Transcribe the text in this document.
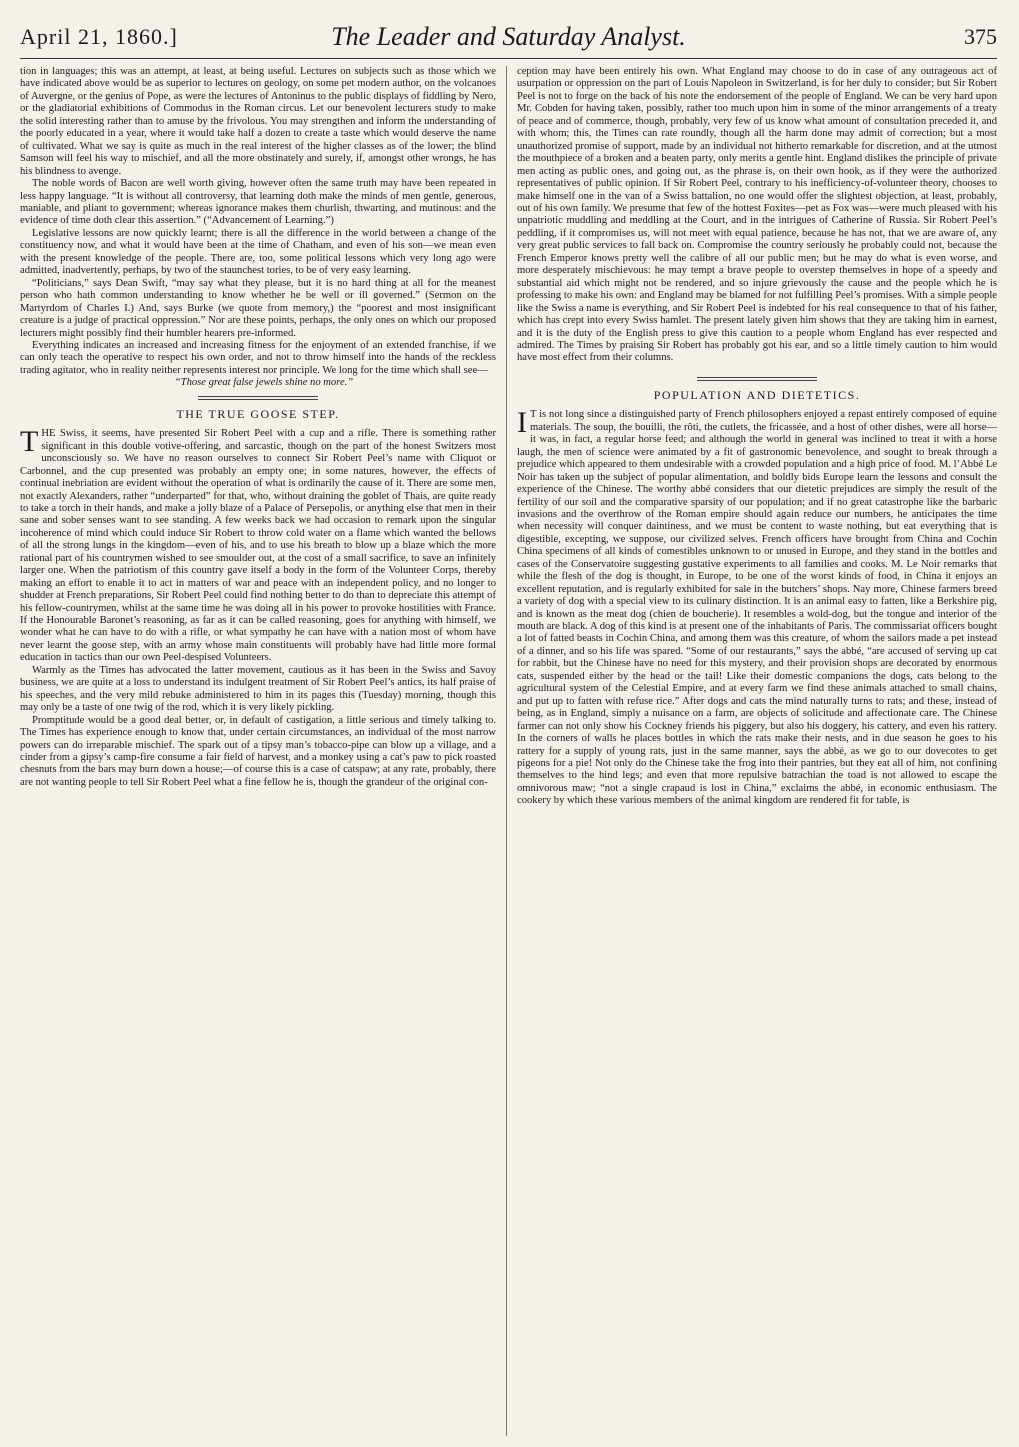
April 21, 1860.]	The Leader and Saturday Analyst.	375

tion in languages; this was an attempt, at least, at being useful. Lectures on subjects such as those which we have indicated above would be as superior to lectures on geology, on some pet modern author, on the volcanoes of Auvergne, or the genius of Pope, as were the lectures of Antoninus to the public displays of fiddling by Nero, or the gladiatorial exhibitions of Commodus in the Roman circus. Let our benevolent lecturers study to make the solid interesting rather than to amuse by the frivolous. You may strengthen and inform the understanding of the poorly educated in a year, where it would take half a dozen to create a taste which would deserve the name of cultivated. What we say is quite as much in the real interest of the higher classes as of the lower; the blind Samson will feel his way to mischief, and all the more obstinately and surely, if, amongst other wrongs, he has his blindness to avenge.

The noble words of Bacon are well worth giving, however often the same truth may have been repeated in less happy language. “It is without all controversy, that learning doth make the minds of men gentle, generous, maniable, and pliant to government; whereas ignorance makes them churlish, thwarting, and mutinous: and the evidence of time doth clear this assertion.” (“Advancement of Learning.”)

Legislative lessons are now quickly learnt; there is all the difference in the world between a change of the constituency now, and what it would have been at the time of Chatham, and even of his son—we mean even with the present knowledge of the people. There are, too, some political lessons which very long ago were admitted, inadvertently, perhaps, by two of the staunchest tories, to be of very easy learning.

“Politicians,” says Dean Swift, “may say what they please, but it is no hard thing at all for the meanest person who hath common understanding to know whether he be well or ill governed.” (Sermon on the Martyrdom of Charles I.) And, says Burke (we quote from memory,) the “poorest and most insignificant creature is a judge of practical oppression.” Nor are these points, perhaps, the only ones on which our proposed lecturers might possibly find their humbler hearers pre-informed.

Everything indicates an increased and increasing fitness for the enjoyment of an extended franchise, if we can only teach the operative to respect his own order, and not to throw himself into the hands of the reckless trading agitator, who in reality neither represents interest nor principle. We long for the time which shall see—

“Those great false jewels shine no more.”

THE TRUE GOOSE STEP.

THE Swiss, it seems, have presented Sir Robert Peel with a cup and a rifle. There is something rather significant in this double votive-offering, and sarcastic, though on the part of the honest Switzers most unconsciously so. We have no reason ourselves to connect Sir Robert Peel’s name with Cliquot or Carbonnel, and the cup presented was probably an empty one; in some natures, however, the effects of continual inebriation are evident without the operation of what is ordinarily the cause of it. There are some men, not exactly Alexanders, rather “underparted” for that, who, without draining the goblet of Thais, are quite ready to take a torch in their hands, and make a jolly blaze of a Palace of Persepolis, or anything else that men in their sane and sober senses want to see standing. A few weeks back we had occasion to remark upon the singular incoherence of mind which could induce Sir Robert to throw cold water on a flame which wanted the bellows of all the strong lungs in the kingdom—even of his, and to use his breath to blow up a blaze which the more rational part of his countrymen wished to see smoulder out, at the cost of a small sacrifice, to save an infinitely larger one. When the patriotism of this country gave itself a body in the form of the Volunteer Corps, thereby making an effort to enable it to act in matters of war and peace with an independent policy, and no longer to shudder at French preparations, Sir Robert Peel could find nothing better to do than to depreciate this attempt of his fellow-countrymen, whilst at the same time he was doing all in his power to provoke hostilities with France. If the Honourable Baronet’s reasoning, as far as it can be called reasoning, goes for anything with himself, we wonder what he can have to do with a rifle, or what sympathy he can have with a nation most of whom have never learnt the goose step, with an army whose main constituents will probably have had little more formal education in tactics than our own Peel-despised Volunteers.

Warmly as the Times has advocated the latter movement, cautious as it has been in the Swiss and Savoy business, we are quite at a loss to understand its indulgent treatment of Sir Robert Peel’s antics, its half praise of his speeches, and the very mild rebuke administered to him in its pages this (Tuesday) morning, though this may only be a taste of one twig of the rod, which it is very likely pickling.

Promptitude would be a good deal better, or, in default of castigation, a little serious and timely talking to. The Times has experience enough to know that, under certain circumstances, an individual of the most narrow powers can do irreparable mischief. The spark out of a tipsy man’s tobacco-pipe can blow up a village, and a cinder from a gipsy’s camp-fire consume a fair field of harvest, and a monkey using a cat’s paw to pick roasted chesnuts from the bars may burn down a house;—of course this is a case of catspaw; at any rate, probably, there are not wanting people to tell Sir Robert Peel what a fine fellow he is, though the grandeur of the original con-

ception may have been entirely his own. What England may choose to do in case of any outrageous act of usurpation or oppression on the part of Louis Napoleon in Switzerland, is for her duly to consider; but Sir Robert Peel is not to forge on the back of his note the endorsement of the people of England. We can be very hard upon Mr. Cobden for having taken, possibly, rather too much upon him in some of the minor arrangements of a treaty of peace and of commerce, though, probably, very few of us know what amount of consultation preceded it, and with whom; this, the Times can rate roundly, though all the harm done may admit of correction; but a most unauthorized promise of support, made by an individual not hitherto remarkable for discretion, and at the utmost the mouthpiece of a broken and a beaten party, only merits a gentle hint. England dislikes the principle of private men acting as public ones, and going out, as the phrase is, on their own hook, as if they were the authorized representatives of public opinion. If Sir Robert Peel, contrary to his inefficiency-of-volunteer theory, chooses to make himself one in the van of a Swiss battalion, no one would offer the slightest objection, at least, probably, out of his own family. We presume that few of the hottest Foxites—pet as Fox was—were much pleased with his unpatriotic muddling and meddling at the Court, and in the intrigues of Catherine of Russia. Sir Robert Peel’s peddling, if it compromises us, will not meet with equal patience, because he has not, that we are aware of, any very great public services to fall back on. Compromise the country seriously he probably could not, because the French Emperor knows pretty well the calibre of all our public men; but he may do what is even worse, and more desperately mischievous: he may tempt a brave people to overstep themselves in hope of a speedy and substantial aid which might not be rendered, and so injure grievously the cause and the people which he is professing to make his own: and England may be blamed for not fulfilling Peel’s promises. With a simple people like the Swiss a name is everything, and Sir Robert Peel is indebted for his real consequence to that of his father, which has crept into every Swiss hamlet. The present lately given him shows that they are taking him in earnest, and it is the duty of the English press to give this caution to a people whom England has ever respected and admired. The Times by praising Sir Robert has probably got his ear, and so a little timely caution to him would have most effect from their columns.

POPULATION AND DIETETICS.

I T is not long since a distinguished party of French philosophers enjoyed a repast entirely composed of equine materials. The soup, the bouilli, the rôti, the cutlets, the fricassée, and a host of other dishes, were all horse—it was, in fact, a regular horse feed; and although the world in general was inclined to treat it with a horse laugh, the men of science were animated by a fit of gastronomic benevolence, and sought to break through a prejudice which appeared to them undesirable with a crowded population and a high price of food. M. l’Abbé Le Noir has taken up the subject of popular alimentation, and boldly bids Europe learn the lessons and consult the experience of the Chinese. The worthy abbé considers that our dietetic prejudices are simply the result of the fertility of our soil and the comparative sparsity of our population; and if no great catastrophe like the barbaric invasions and the overthrow of the Roman empire should again reduce our numbers, he anticipates the time when necessity will conquer daintiness, and we must be content to waste nothing, but eat everything that is digestible, excepting, we suppose, our civilized selves. French officers have brought from China and Cochin China specimens of all kinds of comestibles unknown to or unused in Europe, and they stand in the bottles and cases of the Conservatoire suggesting gustative experiments to all families and cooks. M. Le Noir remarks that while the flesh of the dog is thought, in Europe, to be one of the worst kinds of food, in China it enjoys an excellent reputation, and is regularly exhibited for sale in the butchers’ shops. Nay more, Chinese farmers breed a variety of dog with a special view to its culinary distinction. It is an animal easy to fatten, like a Berkshire pig, and is known as the meat dog (chien de boucherie). It resembles a wold-dog, but the tongue and interior of the mouth are black. A dog of this kind is at present one of the inhabitants of Paris. The commissariat officers bought a lot of fatted beasts in Cochin China, and among them was this creature, of whom the sailors made a pet instead of a dinner, and so his life was spared. “Some of our restaurants,” says the abbé, “are accused of serving up cat for rabbit, but the Chinese have no need for this mystery, and their provision shops are decorated by enormous cats, suspended either by the head or the tail! Like their domestic companions the dogs, cats belong to the agricultural system of the Celestial Empire, and at every farm we find these animals attached to small chains, and put up to fatten with refuse rice.” After dogs and cats the mind naturally turns to rats; and these, instead of being, as in England, simply a nuisance on a farm, are objects of solicitude and affectionate care. The Chinese farmer can not only show his Cockney friends his piggery, but also his doggery, his cattery, and even his rattery. In the corners of walls he places bottles in which the rats make their nests, and in due season he goes to his rattery for a supply of young rats, just in the same manner, says the abbé, as we go to our dovecotes to get pigeons for a pie! Not only do the Chinese take the frog into their pantries, but they eat all of him, not confining themselves to the hind legs; and even that more repulsive batrachian the toad is not allowed to escape the omnivorous maw; “not a single crapaud is lost in China,” exclaims the abbé, in economic enthusiasm. The cookery by which these various members of the animal kingdom are rendered fit for table, is
